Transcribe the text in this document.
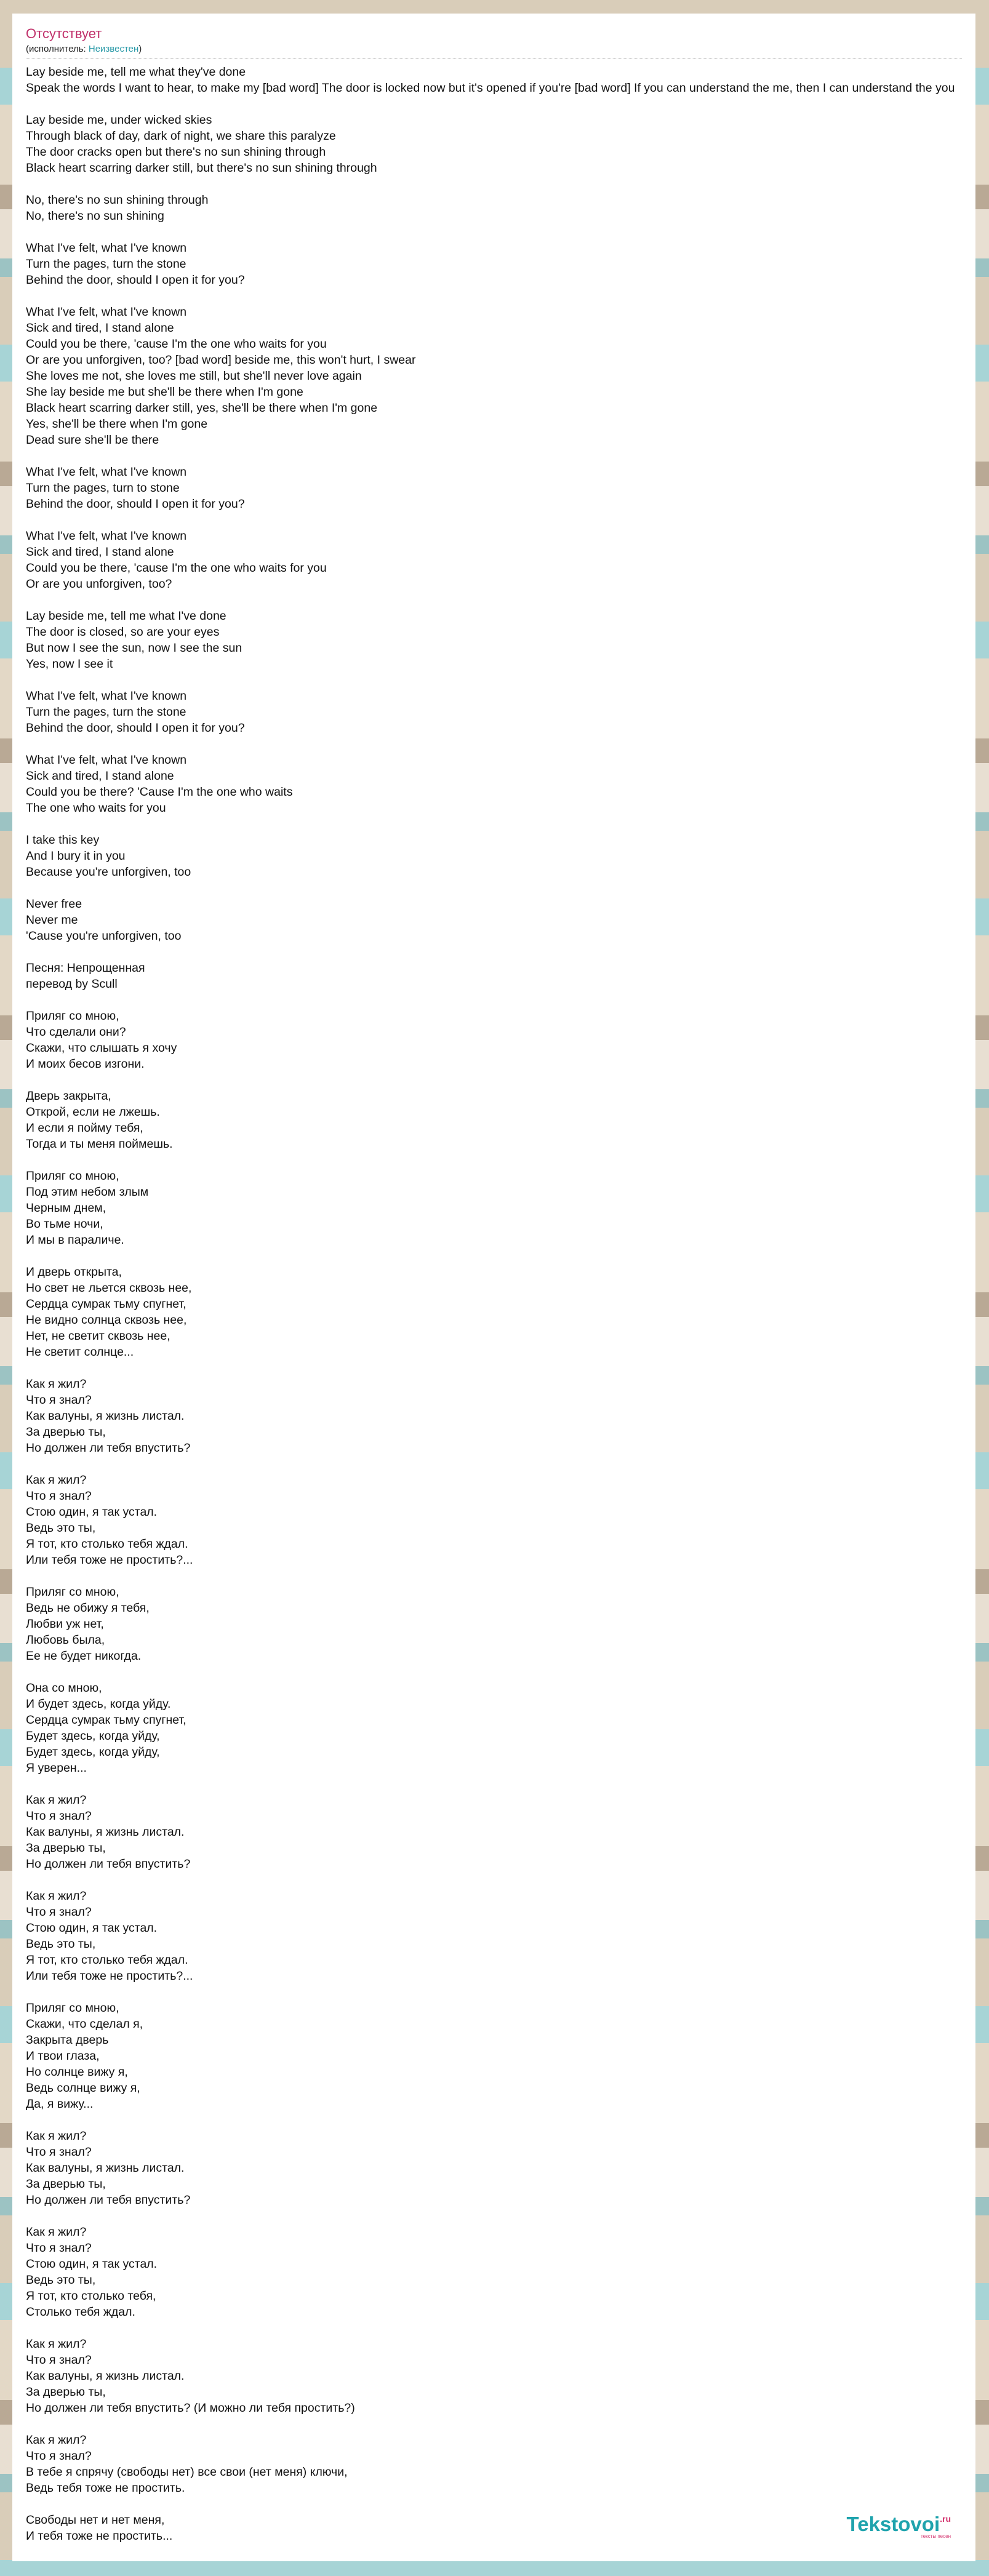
Отсутствует
(исполнитель: Неизвестен)
Lay beside me, tell me what they've done
Speak the words I want to hear, to make my [bad word] The door is locked now but it's opened if you're [bad word] If you can understand the me, then I can understand the you

Lay beside me, under wicked skies
Through black of day, dark of night, we share this paralyze
The door cracks open but there's no sun shining through
Black heart scarring darker still, but there's no sun shining through

No, there's no sun shining through
No, there's no sun shining

What I've felt, what I've known
Turn the pages, turn the stone
Behind the door, should I open it for you?

What I've felt, what I've known
Sick and tired, I stand alone
Could you be there, 'cause I'm the one who waits for you
Or are you unforgiven, too? [bad word] beside me, this won't hurt, I swear
She loves me not, she loves me still, but she'll never love again
She lay beside me but she'll be there when I'm gone
Black heart scarring darker still, yes, she'll be there when I'm gone
Yes, she'll be there when I'm gone
Dead sure she'll be there

What I've felt, what I've known
Turn the pages, turn to stone
Behind the door, should I open it for you?

What I've felt, what I've known
Sick and tired, I stand alone
Could you be there, 'cause I'm the one who waits for you
Or are you unforgiven, too?

Lay beside me, tell me what I've done
The door is closed, so are your eyes
But now I see the sun, now I see the sun
Yes, now I see it

What I've felt, what I've known
Turn the pages, turn the stone
Behind the door, should I open it for you?

What I've felt, what I've known
Sick and tired, I stand alone
Could you be there? 'Cause I'm the one who waits
The one who waits for you

I take this key
And I bury it in you
Because you're unforgiven, too

Never free
Never me
'Cause you're unforgiven, too

Песня: Непрощенная
перевод by Scull

Приляг со мною,
Что сделали они?
Скажи, что слышать я хочу
И моих бесов изгони.

Дверь закрыта,
Открой, если не лжешь.
И если я пойму тебя,
Тогда и ты меня поймешь.

Приляг со мною,
Под этим небом злым
Черным днем,
Во тьме ночи,
И мы в параличе.

И дверь открыта,
Но свет не льется сквозь нее,
Сердца сумрак тьму спугнет,
Не видно солнца сквозь нее,
Нет, не светит сквозь нее,
Не светит солнце...

Как я жил?
Что я знал?
Как валуны, я жизнь листал.
За дверью ты,
Но должен ли тебя впустить?

Как я жил?
Что я знал?
Стою один, я так устал.
Ведь это ты,
Я тот, кто столько тебя ждал.
Или тебя тоже не простить?...

Приляг со мною,
Ведь не обижу я тебя,
Любви уж нет,
Любовь была,
Ее не будет никогда.

Она со мною,
И будет здесь, когда уйду.
Сердца сумрак тьму спугнет,
Будет здесь, когда уйду,
Будет здесь, когда уйду,
Я уверен...

Как я жил?
Что я знал?
Как валуны, я жизнь листал.
За дверью ты,
Но должен ли тебя впустить?

Как я жил?
Что я знал?
Стою один, я так устал.
Ведь это ты,
Я тот, кто столько тебя ждал.
Или тебя тоже не простить?...

Приляг со мною,
Скажи, что сделал я,
Закрыта дверь
И твои глаза,
Но солнце вижу я,
Ведь солнце вижу я,
Да, я вижу...

Как я жил?
Что я знал?
Как валуны, я жизнь листал.
За дверью ты,
Но должен ли тебя впустить?

Как я жил?
Что я знал?
Стою один, я так устал.
Ведь это ты,
Я тот, кто столько тебя,
Столько тебя ждал.

Как я жил?
Что я знал?
Как валуны, я жизнь листал.
За дверью ты,
Но должен ли тебя впустить? (И можно ли тебя простить?)

Как я жил?
Что я знал?
В тебе я спрячу (свободы нет) все свои (нет меня) ключи,
Ведь тебя тоже не простить.

Свободы нет и нет меня,
И тебя тоже не простить...
Tekstovoi.ru
тексты песен
